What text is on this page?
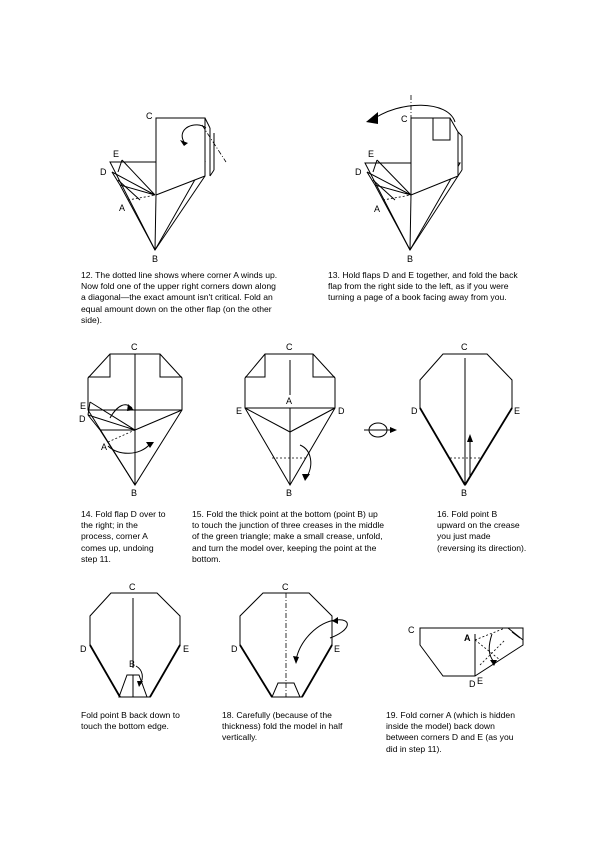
C
E
D
A
B
C
E
D
A
B
C
E
D
A
B
C
A
E	D
B
C
D	E
B
C
D	E
B
C
D	E
C
A
D E

12. The dotted line shows where corner A winds up. Now fold one of the upper right corners down along a diagonal—the exact amount isn't critical. Fold an equal amount down on the other flap (on the other side).

13. Hold flaps D and E together, and fold the back flap from the right side to the left, as if you were turning a page of a book facing away from you.

14. Fold flap D over to the right; in the process, corner A comes up, undoing step 11.

15. Fold the thick point at the bottom (point B) up to touch the junction of three creases in the middle of the green triangle; make a small crease, unfold, and turn the model over, keeping the point at the bottom.

16. Fold point B upward on the crease you just made (reversing its direction).

Fold point B back down to touch the bottom edge.

18. Carefully (because of the thickness) fold the model in half vertically.

19. Fold corner A (which is hidden inside the model) back down between corners D and E (as you did in step 11).
